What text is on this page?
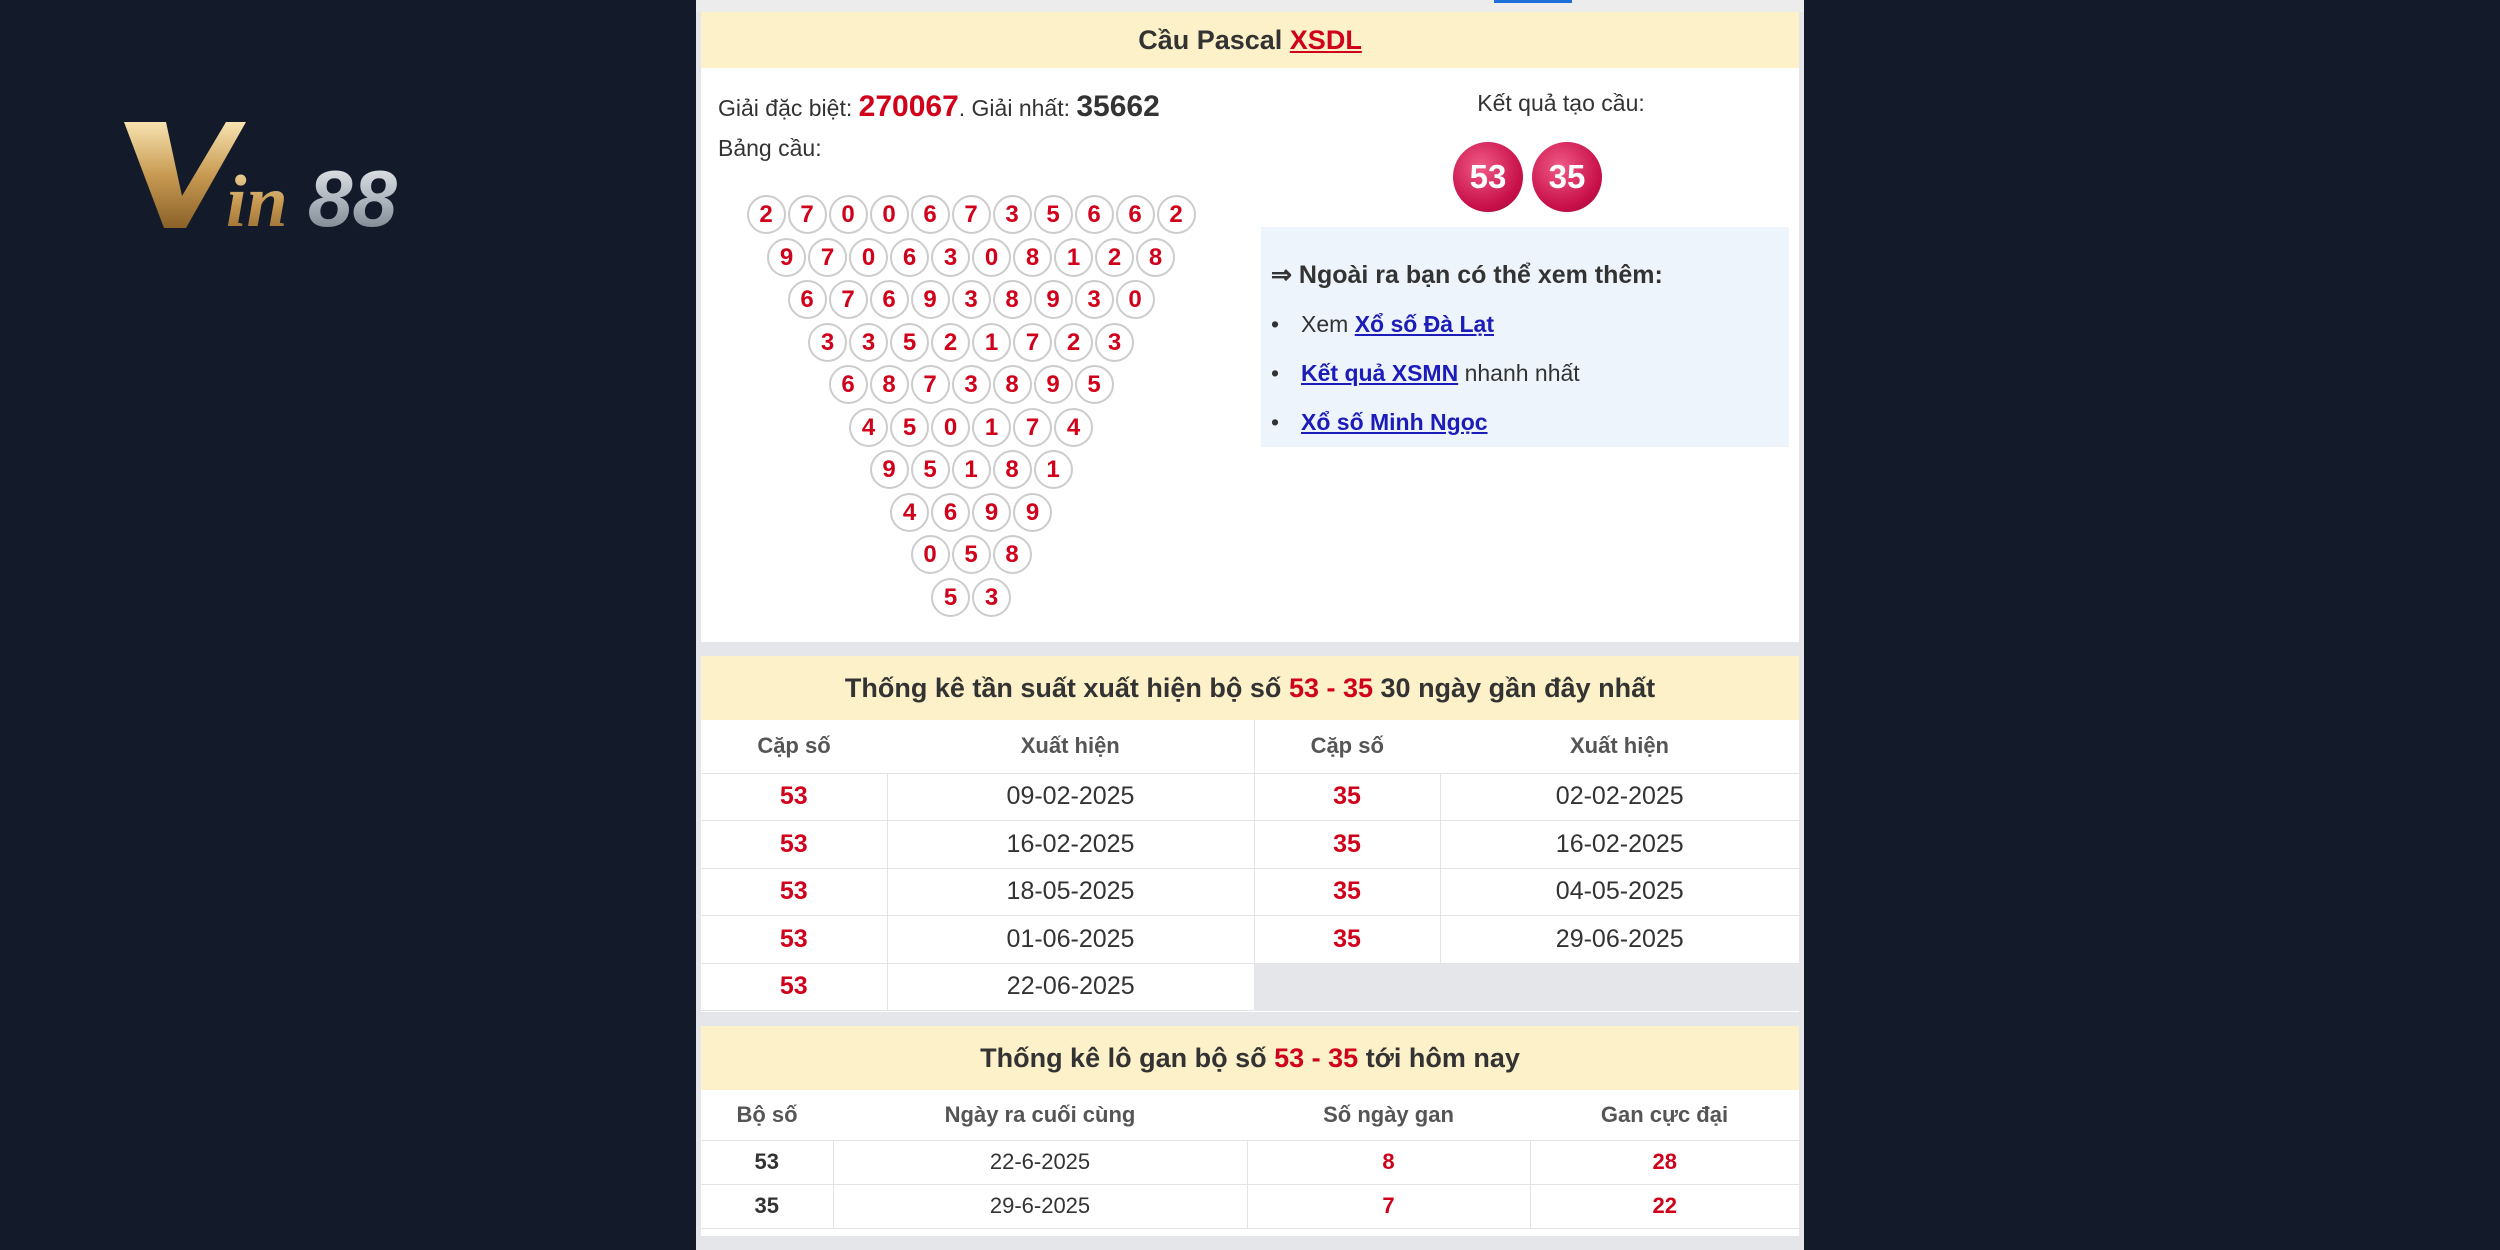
in 88
Cầu Pascal XSDL
Giải đặc biệt: 270067. Giải nhất: 35662
Bảng cầu:
2	7	0	0	6	7	3	5	6	6	2
9	7	0	6	3	0	8	1	2	8
6	7	6	9	3	8	9	3	0
3	3	5	2	1	7	2	3
6	8	7	3	8	9	5
4	5	0	1	7	4
9	5	1	8	1
4	6	9	9
0	5	8
5	3
Kết quả tạo cầu:
53	35
⇒ Ngoài ra bạn có thể xem thêm:
• Xem Xổ số Đà Lạt
• Kết quả XSMN nhanh nhất
• Xổ số Minh Ngọc
Thống kê tần suất xuất hiện bộ số 53 - 35 30 ngày gần đây nhất
Cặp số	Xuất hiện	Cặp số	Xuất hiện
53	09-02-2025	35	02-02-2025
53	16-02-2025	35	16-02-2025
53	18-05-2025	35	04-05-2025
53	01-06-2025	35	29-06-2025
53	22-06-2025		
Thống kê lô gan bộ số 53 - 35 tới hôm nay
Bộ số	Ngày ra cuối cùng	Số ngày gan	Gan cực đại
53	22-6-2025	8	28
35	29-6-2025	7	22
